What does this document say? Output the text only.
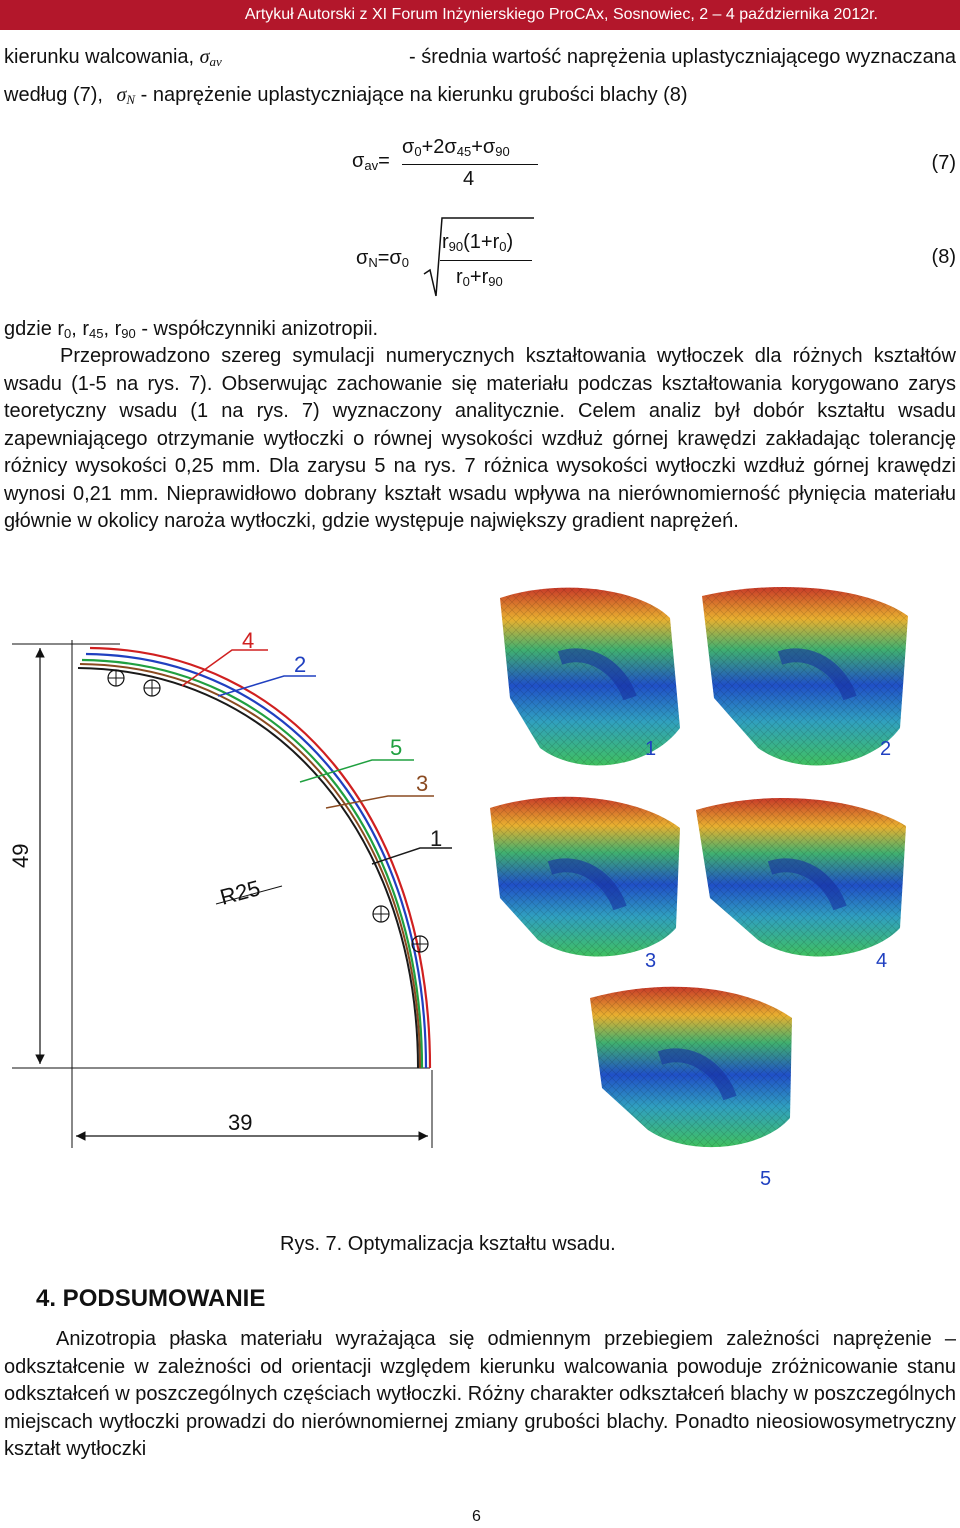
Artykuł Autorski z XI Forum Inżynierskiego ProCAx, Sosnowiec, 2 – 4 października 2012r.
kierunku walcowania, $\sigma_{av}$	- średnia wartość naprężenia uplastyczniającego wyznaczana
według (7), $\sigma_N$ - naprężenie uplastyczniające na kierunku grubości blachy (8)
$\sigma_{av}=$
$\sigma_0+2\sigma_{45}+\sigma_{90}$
4
(7)
$\sigma_N=\sigma_0$
$r_{90}(1+r_0)$
$r_0+r_{90}$
(8)
gdzie $r_0$, $r_{45}$, $r_{90}$ - współczynniki anizotropii.
Przeprowadzono szereg symulacji numerycznych kształtowania wytłoczek dla różnych kształtów wsadu (1-5 na rys. 7). Obserwując zachowanie się materiału podczas kształtowania korygowano zarys teoretyczny wsadu (1 na rys. 7) wyznaczony analitycznie. Celem analiz był dobór kształtu wsadu zapewniającego otrzymanie wytłoczki o równej wysokości wzdłuż górnej krawędzi zakładając tolerancję różnicy wysokości 0,25 mm. Dla zarysu 5 na rys. 7 różnica wysokości wytłoczki wzdłuż górnej krawędzi wynosi 0,21 mm. Nieprawidłowo dobrany kształt wsadu wpływa na nierównomierność płynięcia materiału głównie w okolicy naroża wytłoczki, gdzie występuje największy gradient naprężeń.
4
2
5
3
1
49
39
R25
1	2
3	4
5
Rys. 7. Optymalizacja kształtu wsadu.
4. PODSUMOWANIE
Anizotropia płaska materiału wyrażająca się odmiennym przebiegiem zależności naprężenie – odkształcenie w zależności od orientacji względem kierunku walcowania powoduje zróżnicowanie stanu odkształceń w poszczególnych częściach wytłoczki. Różny charakter odkształceń blachy w poszczególnych miejscach wytłoczki prowadzi do nierównomiernej zmiany grubości blachy. Ponadto nieosiowosymetryczny kształt wytłoczki
6
